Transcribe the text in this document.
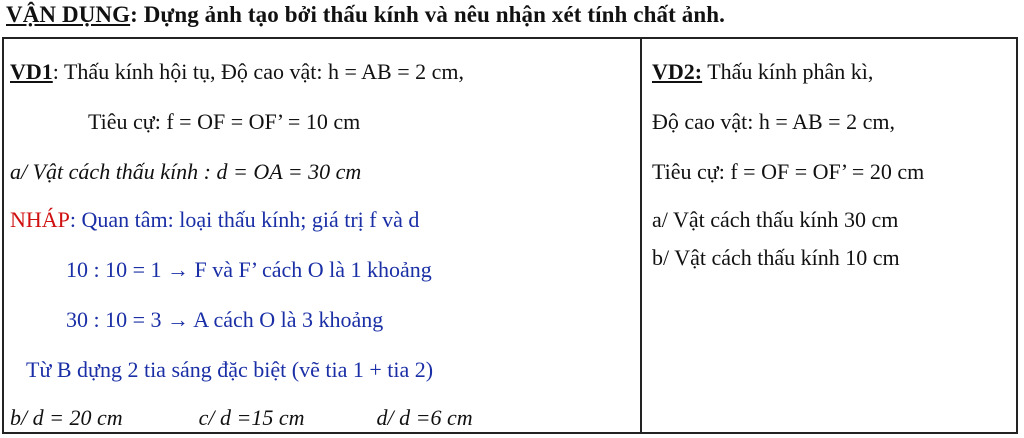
VẬN DỤNG: Dựng ảnh tạo bởi thấu kính và nêu nhận xét tính chất ảnh.
VD1: Thấu kính hội tụ, Độ cao vật: h = AB = 2 cm,
Tiêu cự: f = OF = OF’ = 10 cm
a/ Vật cách thấu kính : d = OA = 30 cm
NHÁP: Quan tâm: loại thấu kính; giá trị f và d
10 : 10 = 1 → F và F’ cách O là 1 khoảng
30 : 10 = 3 → A cách O là 3 khoảng
Từ B dựng 2 tia sáng đặc biệt (vẽ tia 1 + tia 2)
b/ d = 20 cm	c/ d =15 cm	d/ d =6 cm
VD2: Thấu kính phân kì,
Độ cao vật: h = AB = 2 cm,
Tiêu cự: f = OF = OF’ = 20 cm
a/ Vật cách thấu kính 30 cm
b/ Vật cách thấu kính 10 cm
